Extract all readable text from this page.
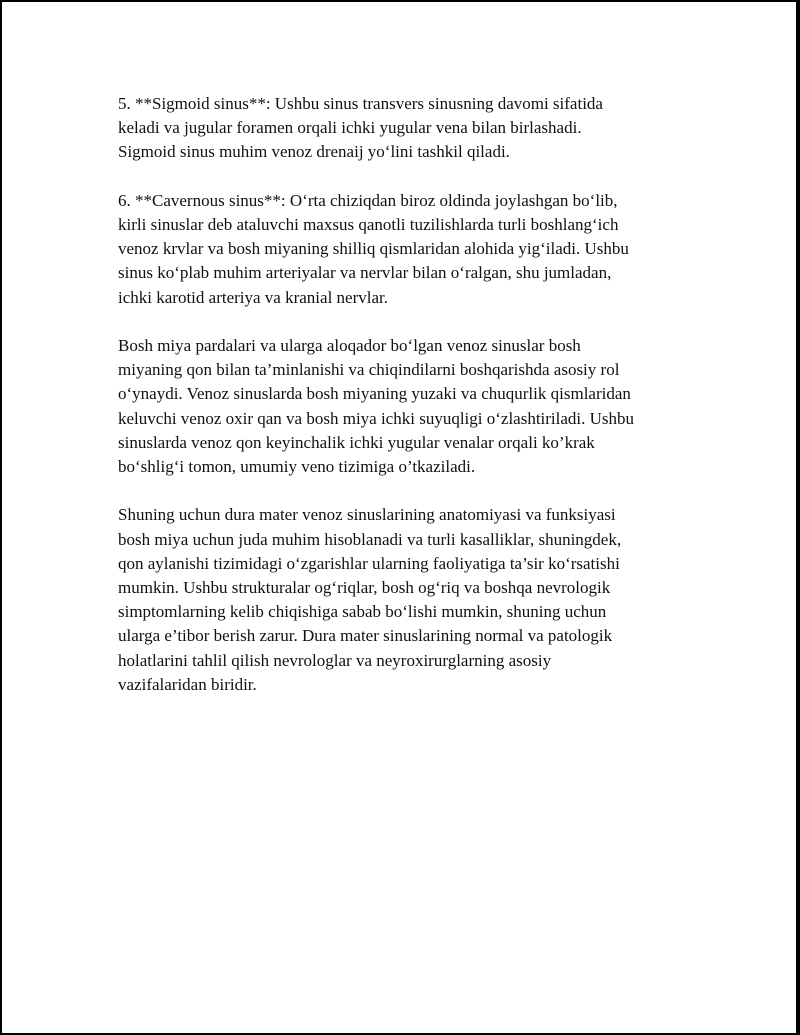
5. **Sigmoid sinus**: Ushbu sinus transvers sinusning davomi sifatida
keladi va jugular foramen orqali ichki yugular vena bilan birlashadi.
Sigmoid sinus muhim venoz drenaij yo‘lini tashkil qiladi.

6. **Cavernous sinus**: O‘rta chiziqdan biroz oldinda joylashgan bo‘lib,
kirli sinuslar deb ataluvchi maxsus qanotli tuzilishlarda turli boshlang‘ich
venoz krvlar va bosh miyaning shilliq qismlaridan alohida yig‘iladi. Ushbu
sinus ko‘plab muhim arteriyalar va nervlar bilan o‘ralgan, shu jumladan,
ichki karotid arteriya va kranial nervlar.

Bosh miya pardalari va ularga aloqador bo‘lgan venoz sinuslar bosh
miyaning qon bilan ta’minlanishi va chiqindilarni boshqarishda asosiy rol
o‘ynaydi. Venoz sinuslarda bosh miyaning yuzaki va chuqurlik qismlaridan
keluvchi venoz oxir qan va bosh miya ichki suyuqligi o‘zlashtiriladi. Ushbu
sinuslarda venoz qon keyinchalik ichki yugular venalar orqali ko’krak
bo‘shlig‘i tomon, umumiy veno tizimiga o’tkaziladi.

Shuning uchun dura mater venoz sinuslarining anatomiyasi va funksiyasi
bosh miya uchun juda muhim hisoblanadi va turli kasalliklar, shuningdek,
qon aylanishi tizimidagi o‘zgarishlar ularning faoliyatiga ta’sir ko‘rsatishi
mumkin. Ushbu strukturalar og‘riqlar, bosh og‘riq va boshqa nevrologik
simptomlarning kelib chiqishiga sabab bo‘lishi mumkin, shuning uchun
ularga e’tibor berish zarur. Dura mater sinuslarining normal va patologik
holatlarini tahlil qilish nevrologlar va neyroxirurglarning asosiy
vazifalaridan biridir.
